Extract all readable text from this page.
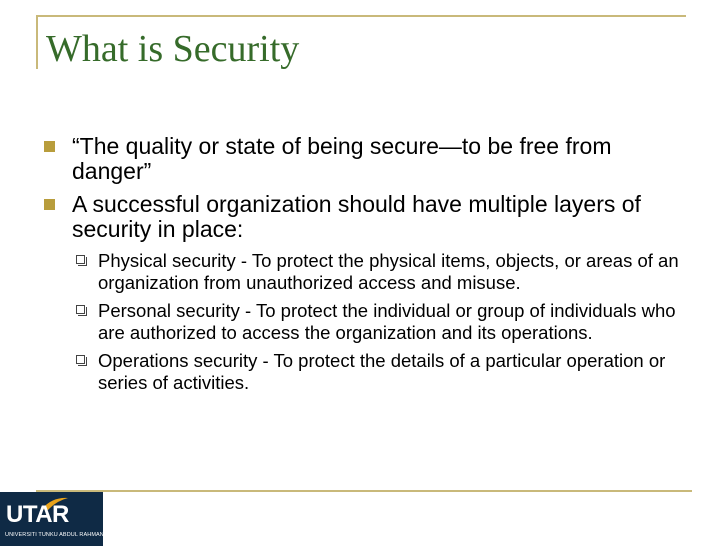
What is Security
“The quality or state of being secure—to be free from danger”
A successful organization should have multiple layers of security in place:
Physical security - To protect the physical items, objects, or areas of an organization from unauthorized access and misuse.
Personal security - To protect the individual or group of individuals who are authorized to access the organization and its operations.
Operations security - To protect the details of a particular operation or series of activities.
UTAR
UNIVERSITI TUNKU ABDUL RAHMAN
